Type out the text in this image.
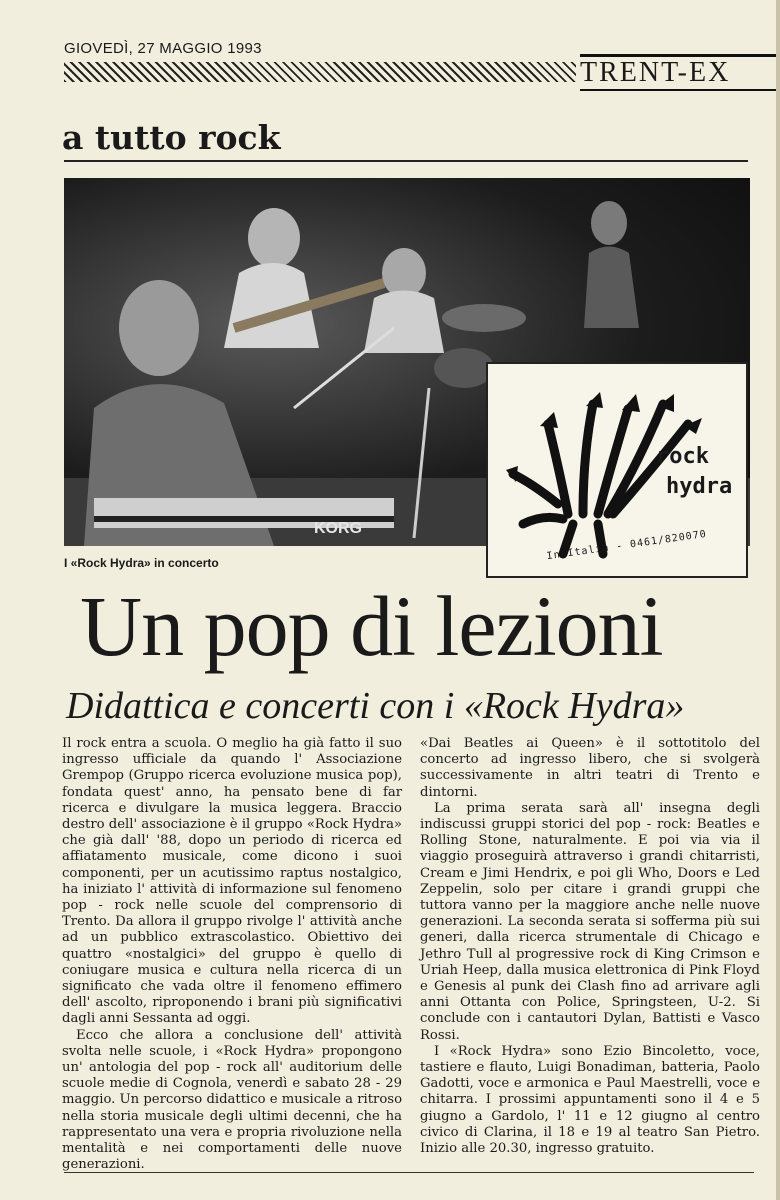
GIOVEDÌ, 27 MAGGIO 1993
TRENT-EX
a tutto rock
KORG
rock
hydra
In-Italia - 0461/820070
I «Rock Hydra» in concerto
Un pop di lezioni
Didattica e concerti con i «Rock Hydra»

Il rock entra a scuola. O meglio ha già fatto il suo ingresso ufficiale da quando l' Associazione Grempop (Gruppo ricerca evoluzione musica pop), fondata quest' anno, ha pensato bene di far ricerca e divulgare la musica leggera. Braccio destro dell' associazione è il gruppo «Rock Hydra» che già dall' '88, dopo un periodo di ricerca ed affiatamento musicale, come dicono i suoi componenti, per un acutissimo raptus nostalgico, ha iniziato l' attività di informazione sul fenomeno pop - rock nelle scuole del comprensorio di Trento. Da allora il gruppo rivolge l' attività anche ad un pubblico extrascolastico. Obiettivo dei quattro «nostalgici» del gruppo è quello di coniugare musica e cultura nella ricerca di un significato che vada oltre il fenomeno effimero dell' ascolto, riproponendo i brani più significativi dagli anni Sessanta ad oggi.

Ecco che allora a conclusione dell' attività svolta nelle scuole, i «Rock Hydra» propongono un' antologia del pop - rock all' auditorium delle scuole medie di Cognola, venerdì e sabato 28 - 29 maggio. Un percorso didattico e musicale a ritroso nella storia musicale degli ultimi decenni, che ha rappresentato una vera e propria rivoluzione nella mentalità e nei comportamenti delle nuove generazioni.

«Dai Beatles ai Queen» è il sottotitolo del concerto ad ingresso libero, che si svolgerà successivamente in altri teatri di Trento e dintorni.

La prima serata sarà all' insegna degli indiscussi gruppi storici del pop - rock: Beatles e Rolling Stone, naturalmente. E poi via via il viaggio proseguirà attraverso i grandi chitarristi, Cream e Jimi Hendrix, e poi gli Who, Doors e Led Zeppelin, solo per citare i grandi gruppi che tuttora vanno per la maggiore anche nelle nuove generazioni. La seconda serata si sofferma più sui generi, dalla ricerca strumentale di Chicago e Jethro Tull al progressive rock di King Crimson e Uriah Heep, dalla musica elettronica di Pink Floyd e Genesis al punk dei Clash fino ad arrivare agli anni Ottanta con Police, Springsteen, U-2. Si conclude con i cantautori Dylan, Battisti e Vasco Rossi.

I «Rock Hydra» sono Ezio Bincoletto, voce, tastiere e flauto, Luigi Bonadiman, batteria, Paolo Gadotti, voce e armonica e Paul Maestrelli, voce e chitarra. I prossimi appuntamenti sono il 4 e 5 giugno a Gardolo, l' 11 e 12 giugno al centro civico di Clarina, il 18 e 19 al teatro San Pietro. Inizio alle 20.30, ingresso gratuito.
